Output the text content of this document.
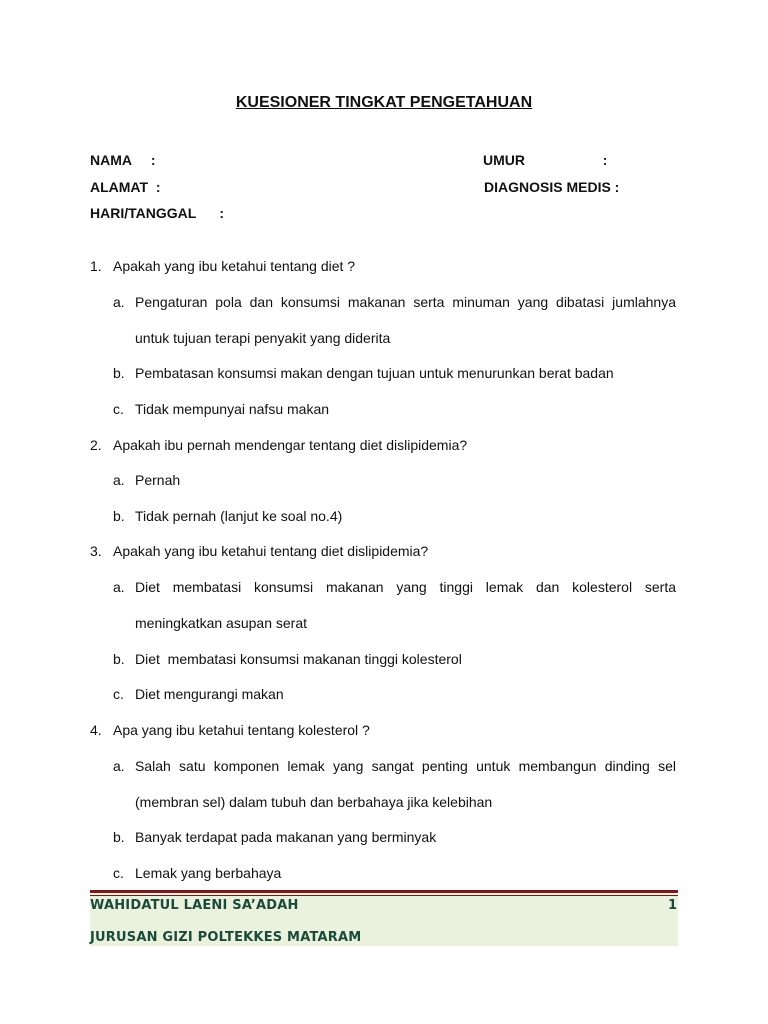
KUESIONER TINGKAT PENGETAHUAN
NAMA     :	UMUR                    :
ALAMAT  :	DIAGNOSIS MEDIS :
HARI/TANGGAL      :
1. Apakah yang ibu ketahui tentang diet ?
a. Pengaturan pola dan konsumsi makanan serta minuman yang dibatasi jumlahnya untuk tujuan terapi penyakit yang diderita
b. Pembatasan konsumsi makan dengan tujuan untuk menurunkan berat badan
c. Tidak mempunyai nafsu makan
2. Apakah ibu pernah mendengar tentang diet dislipidemia?
a. Pernah
b. Tidak pernah (lanjut ke soal no.4)
3. Apakah yang ibu ketahui tentang diet dislipidemia?
a. Diet membatasi konsumsi makanan yang tinggi lemak dan kolesterol serta meningkatkan asupan serat
b. Diet  membatasi konsumsi makanan tinggi kolesterol
c. Diet mengurangi makan
4. Apa yang ibu ketahui tentang kolesterol ?
a. Salah satu komponen lemak yang sangat penting untuk membangun dinding sel (membran sel) dalam tubuh dan berbahaya jika kelebihan
b. Banyak terdapat pada makanan yang berminyak
c. Lemak yang berbahaya
WAHIDATUL LAENI SA’ADAH	1
JURUSAN GIZI POLTEKKES MATARAM
